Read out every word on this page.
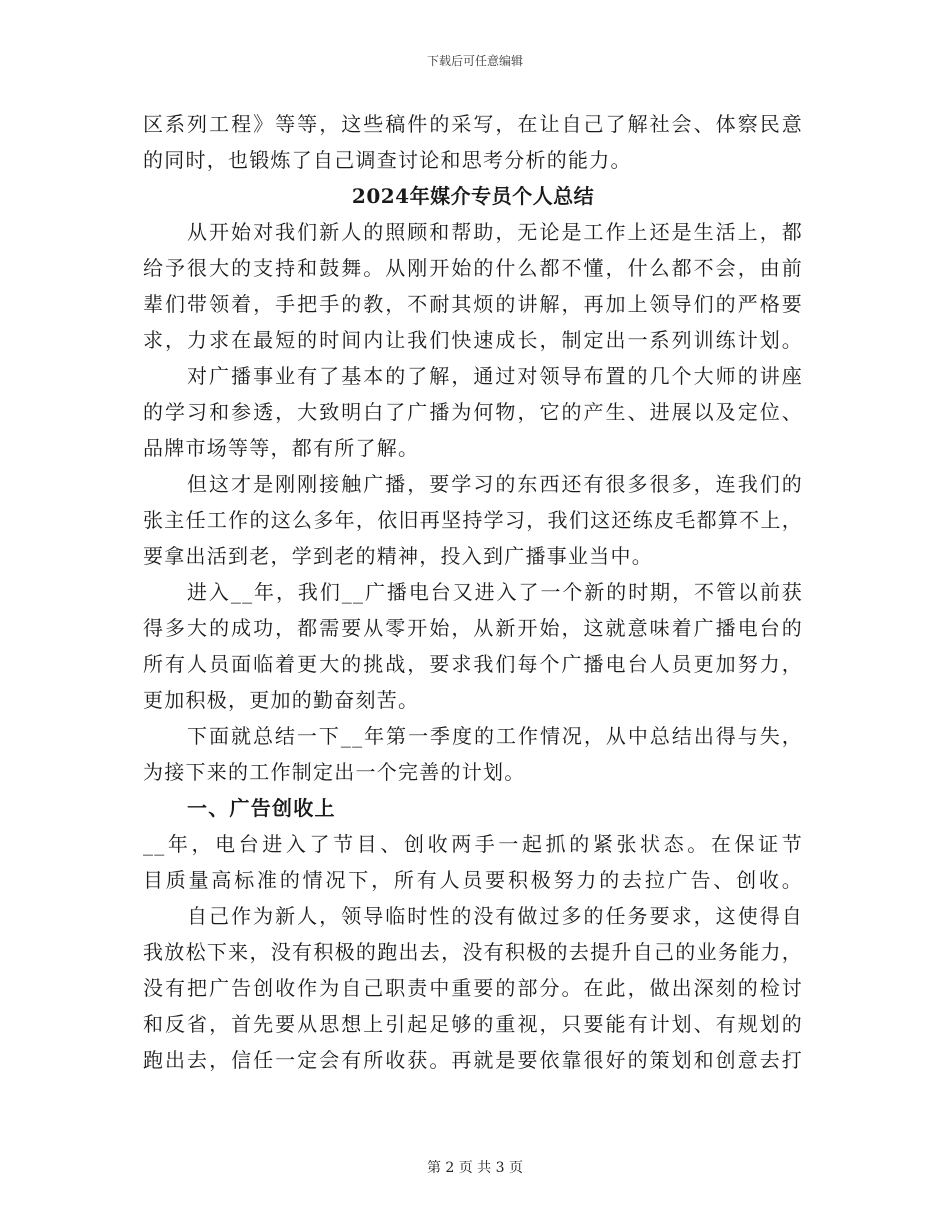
下载后可任意编辑
区系列工程》等等，这些稿件的采写，在让自己了解社会、体察民意
的同时，也锻炼了自己调查讨论和思考分析的能力。
2024年媒介专员个人总结
从开始对我们新人的照顾和帮助，无论是工作上还是生活上，都
给予很大的支持和鼓舞。从刚开始的什么都不懂，什么都不会，由前
辈们带领着，手把手的教，不耐其烦的讲解，再加上领导们的严格要
求，力求在最短的时间内让我们快速成长，制定出一系列训练计划。
对广播事业有了基本的了解，通过对领导布置的几个大师的讲座
的学习和参透，大致明白了广播为何物，它的产生、进展以及定位、
品牌市场等等，都有所了解。
但这才是刚刚接触广播，要学习的东西还有很多很多，连我们的
张主任工作的这么多年，依旧再坚持学习，我们这还练皮毛都算不上，
要拿出活到老，学到老的精神，投入到广播事业当中。
进入__年，我们__广播电台又进入了一个新的时期，不管以前获
得多大的成功，都需要从零开始，从新开始，这就意味着广播电台的
所有人员面临着更大的挑战，要求我们每个广播电台人员更加努力，
更加积极，更加的勤奋刻苦。
下面就总结一下__年第一季度的工作情况，从中总结出得与失，
为接下来的工作制定出一个完善的计划。
一、广告创收上
__年，电台进入了节目、创收两手一起抓的紧张状态。在保证节
目质量高标准的情况下，所有人员要积极努力的去拉广告、创收。
自己作为新人，领导临时性的没有做过多的任务要求，这使得自
我放松下来，没有积极的跑出去，没有积极的去提升自己的业务能力，
没有把广告创收作为自己职责中重要的部分。在此，做出深刻的检讨
和反省，首先要从思想上引起足够的重视，只要能有计划、有规划的
跑出去，信任一定会有所收获。再就是要依靠很好的策划和创意去打
第 2 页 共 3 页
